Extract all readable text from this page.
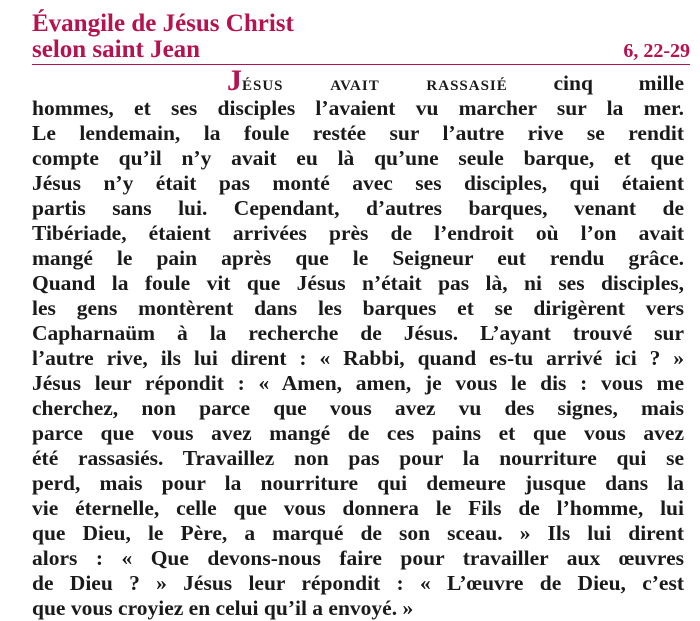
Évangile de Jésus Christ
selon saint Jean	6, 22-29
Jésus avait rassasié cinq mille
hommes, et ses disciples l’avaient vu marcher sur la mer.
Le lendemain, la foule restée sur l’autre rive se rendit
compte qu’il n’y avait eu là qu’une seule barque, et que
Jésus n’y était pas monté avec ses disciples, qui étaient
partis sans lui. Cependant, d’autres barques, venant de
Tibériade, étaient arrivées près de l’endroit où l’on avait
mangé le pain après que le Seigneur eut rendu grâce.
Quand la foule vit que Jésus n’était pas là, ni ses disciples,
les gens montèrent dans les barques et se dirigèrent vers
Capharnaüm à la recherche de Jésus. L’ayant trouvé sur
l’autre rive, ils lui dirent : « Rabbi, quand es-tu arrivé ici ? »
Jésus leur répondit : « Amen, amen, je vous le dis : vous me
cherchez, non parce que vous avez vu des signes, mais
parce que vous avez mangé de ces pains et que vous avez
été rassasiés. Travaillez non pas pour la nourriture qui se
perd, mais pour la nourriture qui demeure jusque dans la
vie éternelle, celle que vous donnera le Fils de l’homme, lui
que Dieu, le Père, a marqué de son sceau. » Ils lui dirent
alors : « Que devons-nous faire pour travailler aux œuvres
de Dieu ? » Jésus leur répondit : « L’œuvre de Dieu, c’est
que vous croyiez en celui qu’il a envoyé. »
